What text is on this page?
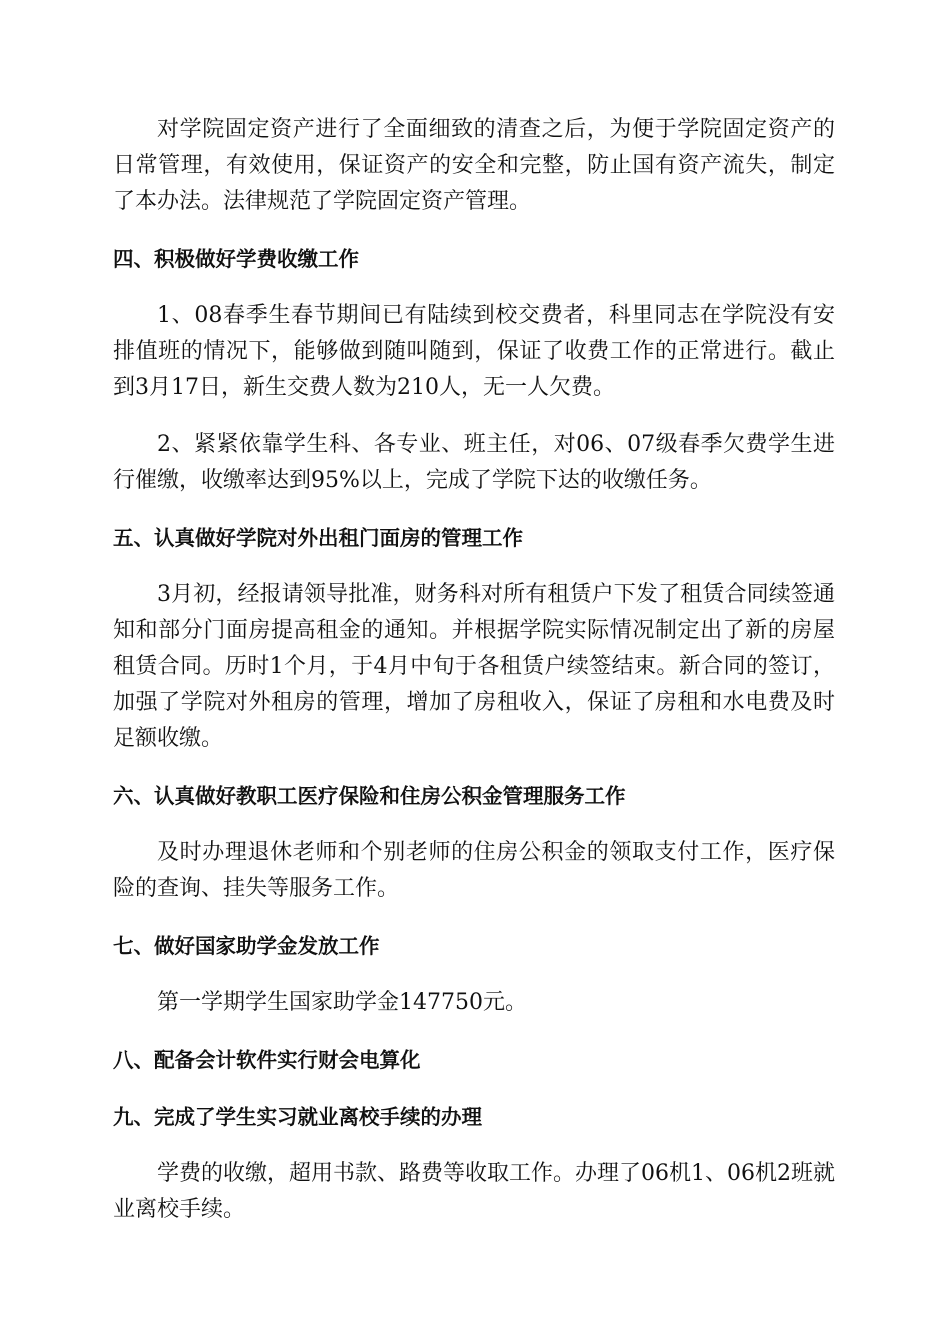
对学院固定资产进行了全面细致的清查之后，为便于学院固定资产的日常管理，有效使用，保证资产的安全和完整，防止国有资产流失，制定了本办法。法律规范了学院固定资产管理。

四、积极做好学费收缴工作

1、08春季生春节期间已有陆续到校交费者，科里同志在学院没有安排值班的情况下，能够做到随叫随到，保证了收费工作的正常进行。截止到3月17日，新生交费人数为210人，无一人欠费。

2、紧紧依靠学生科、各专业、班主任，对06、07级春季欠费学生进行催缴，收缴率达到95%以上，完成了学院下达的收缴任务。

五、认真做好学院对外出租门面房的管理工作

3月初，经报请领导批准，财务科对所有租赁户下发了租赁合同续签通知和部分门面房提高租金的通知。并根据学院实际情况制定出了新的房屋租赁合同。历时1个月，于4月中旬于各租赁户续签结束。新合同的签订，加强了学院对外租房的管理，增加了房租收入，保证了房租和水电费及时足额收缴。

六、认真做好教职工医疗保险和住房公积金管理服务工作

及时办理退休老师和个别老师的住房公积金的领取支付工作，医疗保险的查询、挂失等服务工作。

七、做好国家助学金发放工作

第一学期学生国家助学金147750元。

八、配备会计软件实行财会电算化
九、完成了学生实习就业离校手续的办理

学费的收缴，超用书款、路费等收取工作。办理了06机1、06机2班就业离校手续。
